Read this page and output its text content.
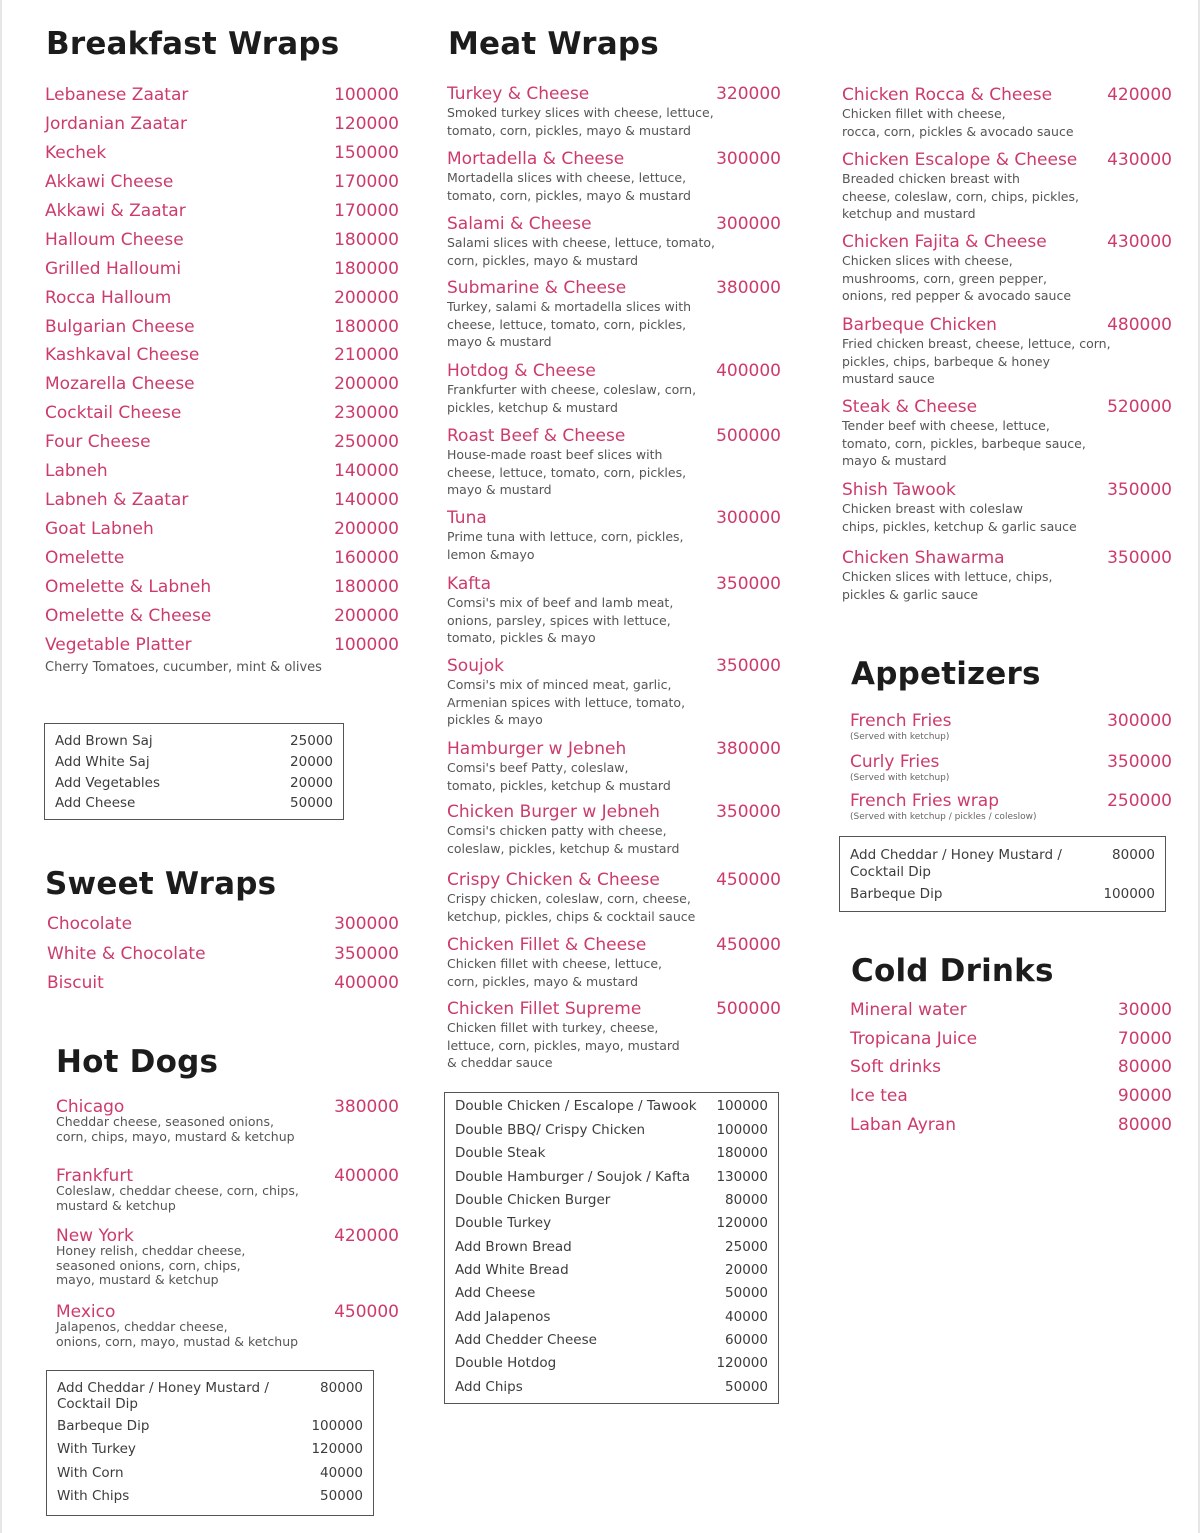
Breakfast Wraps
Lebanese Zaatar	100000
Jordanian Zaatar	120000
Kechek	150000
Akkawi Cheese	170000
Akkawi & Zaatar	170000
Halloum Cheese	180000
Grilled Halloumi	180000
Rocca Halloum	200000
Bulgarian Cheese	180000
Kashkaval Cheese	210000
Mozarella Cheese	200000
Cocktail Cheese	230000
Four Cheese	250000
Labneh	140000
Labneh & Zaatar	140000
Goat Labneh	200000
Omelette	160000
Omelette & Labneh	180000
Omelette & Cheese	200000
Vegetable Platter	100000
Cherry Tomatoes, cucumber, mint & olives
Add Brown Saj	25000
Add White Saj	20000
Add Vegetables	20000
Add Cheese	50000
Sweet Wraps
Chocolate	300000
White & Chocolate	350000
Biscuit	400000
Hot Dogs
Chicago	380000
Cheddar cheese, seasoned onions,
corn, chips, mayo, mustard & ketchup
Frankfurt	400000
Coleslaw, cheddar cheese, corn, chips,
mustard & ketchup
New York	420000
Honey relish, cheddar cheese,
seasoned onions, corn, chips,
mayo, mustard & ketchup
Mexico	450000
Jalapenos, cheddar cheese,
onions, corn, mayo, mustad & ketchup
Add Cheddar / Honey Mustard /
Cocktail Dip
80000
Barbeque Dip	100000
With Turkey	120000
With Corn	40000
With Chips	50000
Meat Wraps
Turkey & Cheese	320000
Smoked turkey slices with cheese, lettuce,
tomato, corn, pickles, mayo & mustard
Mortadella & Cheese	300000
Mortadella slices with cheese, lettuce,
tomato, corn, pickles, mayo & mustard
Salami & Cheese	300000
Salami slices with cheese, lettuce, tomato,
corn, pickles, mayo & mustard
Submarine & Cheese	380000
Turkey, salami & mortadella slices with
cheese, lettuce, tomato, corn, pickles,
mayo & mustard
Hotdog & Cheese	400000
Frankfurter with cheese, coleslaw, corn,
pickles, ketchup & mustard
Roast Beef & Cheese	500000
House-made roast beef slices with
cheese, lettuce, tomato, corn, pickles,
mayo & mustard
Tuna	300000
Prime tuna with lettuce, corn, pickles,
lemon &mayo
Kafta	350000
Comsi's mix of beef and lamb meat,
onions, parsley, spices with lettuce,
tomato, pickles & mayo
Soujok	350000
Comsi's mix of minced meat, garlic,
Armenian spices with lettuce, tomato,
pickles & mayo
Hamburger w Jebneh	380000
Comsi's beef Patty, coleslaw,
tomato, pickles, ketchup & mustard
Chicken Burger w Jebneh	350000
Comsi's chicken patty with cheese,
coleslaw, pickles, ketchup & mustard
Crispy Chicken & Cheese	450000
Crispy chicken, coleslaw, corn, cheese,
ketchup, pickles, chips & cocktail sauce
Chicken Fillet & Cheese	450000
Chicken fillet with cheese, lettuce,
corn, pickles, mayo & mustard
Chicken Fillet Supreme	500000
Chicken fillet with turkey, cheese,
lettuce, corn, pickles, mayo, mustard
& cheddar sauce
Double Chicken / Escalope / Tawook 100000
Double BBQ/ Crispy Chicken	100000
Double Steak	180000
Double Hamburger / Soujok / Kafta 130000
Double Chicken Burger	80000
Double Turkey	120000
Add Brown Bread	25000
Add White Bread	20000
Add Cheese	50000
Add Jalapenos	40000
Add Chedder Cheese	60000
Double Hotdog	120000
Add Chips	50000
Chicken Rocca & Cheese	420000
Chicken fillet with cheese,
rocca, corn, pickles & avocado sauce
Chicken Escalope & Cheese 430000
Breaded chicken breast with
cheese, coleslaw, corn, chips, pickles,
ketchup and mustard
Chicken Fajita & Cheese	430000
Chicken slices with cheese,
mushrooms, corn, green pepper,
onions, red pepper & avocado sauce
Barbeque Chicken	480000
Fried chicken breast, cheese, lettuce, corn,
pickles, chips, barbeque & honey
mustard sauce
Steak & Cheese	520000
Tender beef with cheese, lettuce,
tomato, corn, pickles, barbeque sauce,
mayo & mustard
Shish Tawook	350000
Chicken breast with coleslaw
chips, pickles, ketchup & garlic sauce
Chicken Shawarma	350000
Chicken slices with lettuce, chips,
pickles & garlic sauce
Appetizers
French Fries	300000
(Served with ketchup)
Curly Fries	350000
(Served with ketchup)
French Fries wrap	250000
(Served with ketchup / pickles / coleslow)
Add Cheddar / Honey Mustard /
Cocktail Dip
80000
Barbeque Dip	100000
Cold Drinks
Mineral water	30000
Tropicana Juice	70000
Soft drinks	80000
Ice tea	90000
Laban Ayran	80000
